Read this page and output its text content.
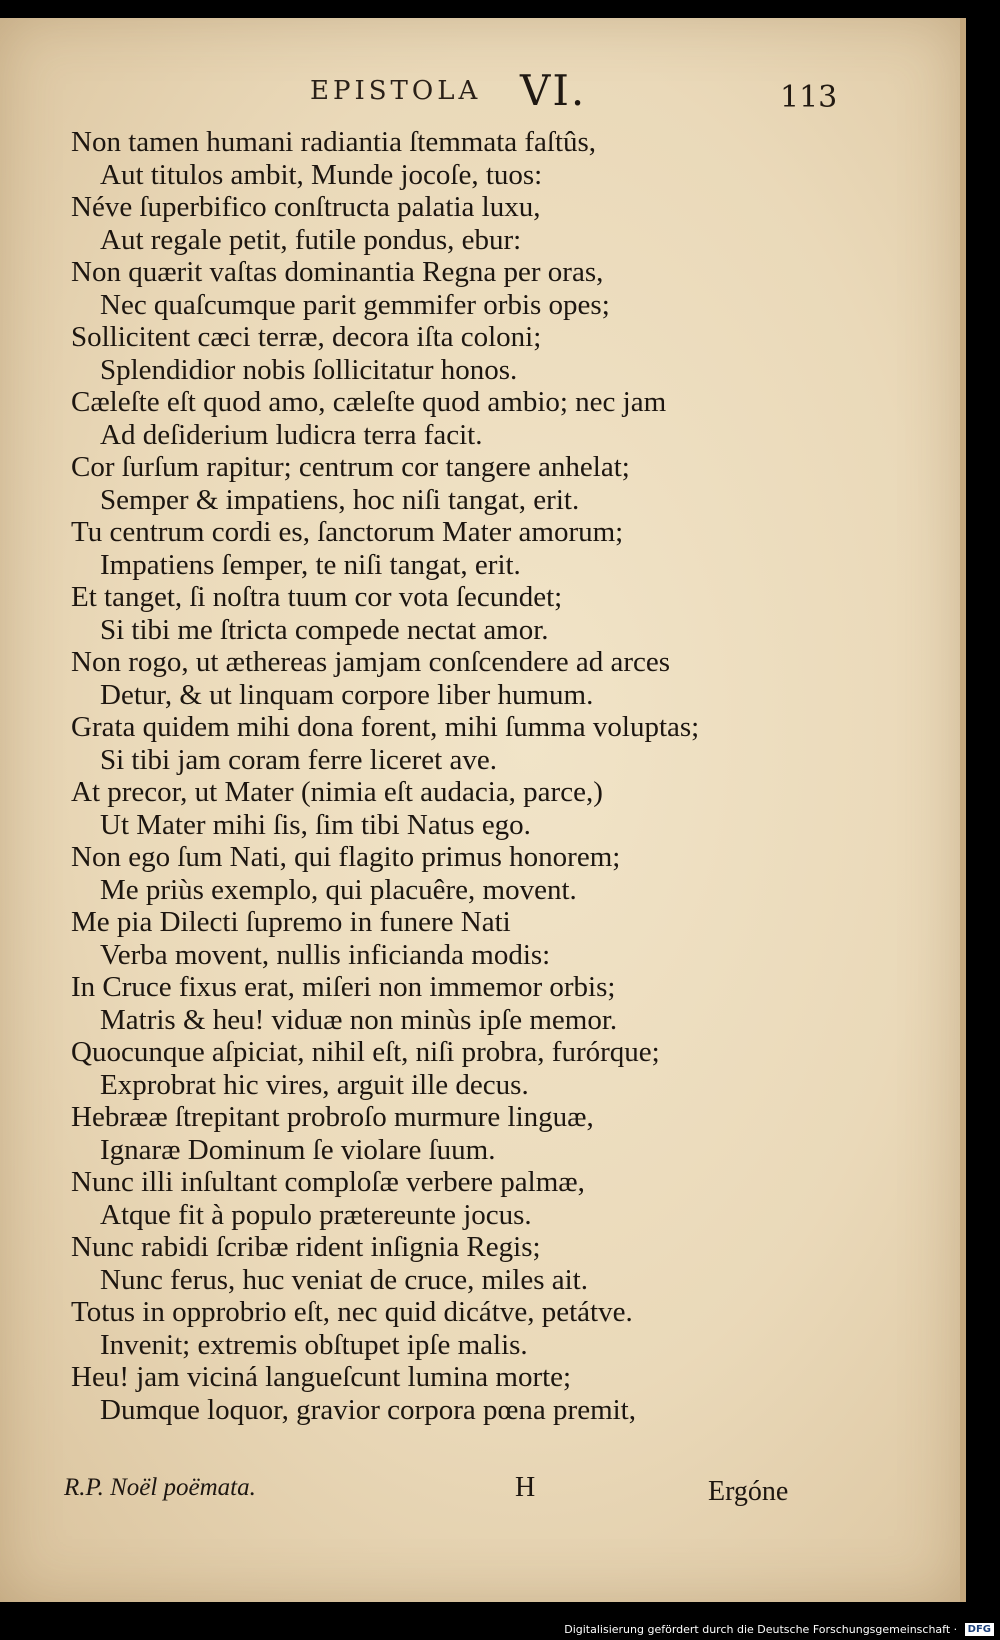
EPISTOLA VI.	113
Non tamen humani radiantia ſtemmata faſtûs,
Aut titulos ambit, Munde jocoſe, tuos:
Néve ſuperbifico conſtructa palatia luxu,
Aut regale petit, futile pondus, ebur:
Non quærit vaſtas dominantia Regna per oras,
Nec quaſcumque parit gemmifer orbis opes;
Sollicitent cæci terræ, decora iſta coloni;
Splendidior nobis ſollicitatur honos.
Cæleſte eſt quod amo, cæleſte quod ambio; nec jam
Ad deſiderium ludicra terra facit.
Cor ſurſum rapitur; centrum cor tangere anhelat;
Semper & impatiens, hoc niſi tangat, erit.
Tu centrum cordi es, ſanctorum Mater amorum;
Impatiens ſemper, te niſi tangat, erit.
Et tanget, ſi noſtra tuum cor vota ſecundet;
Si tibi me ſtricta compede nectat amor.
Non rogo, ut æthereas jamjam conſcendere ad arces
Detur, & ut linquam corpore liber humum.
Grata quidem mihi dona forent, mihi ſumma voluptas;
Si tibi jam coram ferre liceret ave.
At precor, ut Mater (nimia eſt audacia, parce,)
Ut Mater mihi ſis, ſim tibi Natus ego.
Non ego ſum Nati, qui flagito primus honorem;
Me priùs exemplo, qui placuêre, movent.
Me pia Dilecti ſupremo in funere Nati
Verba movent, nullis inficianda modis:
In Cruce fixus erat, miſeri non immemor orbis;
Matris & heu! viduæ non minùs ipſe memor.
Quocunque aſpiciat, nihil eſt, niſi probra, furórque;
Exprobrat hic vires, arguit ille decus.
Hebrææ ſtrepitant probroſo murmure linguæ,
Ignaræ Dominum ſe violare ſuum.
Nunc illi inſultant comploſæ verbere palmæ,
Atque fit à populo prætereunte jocus.
Nunc rabidi ſcribæ rident inſignia Regis;
Nunc ferus, huc veniat de cruce, miles ait.
Totus in opprobrio eſt, nec quid dicátve, petátve.
Invenit; extremis obſtupet ipſe malis.
Heu! jam viciná langueſcunt lumina morte;
Dumque loquor, gravior corpora pœna premit,
R.P. Noël poëmata.	H	Ergóne
Digitalisierung gefördert durch die Deutsche Forschungsgemeinschaft · DFG
